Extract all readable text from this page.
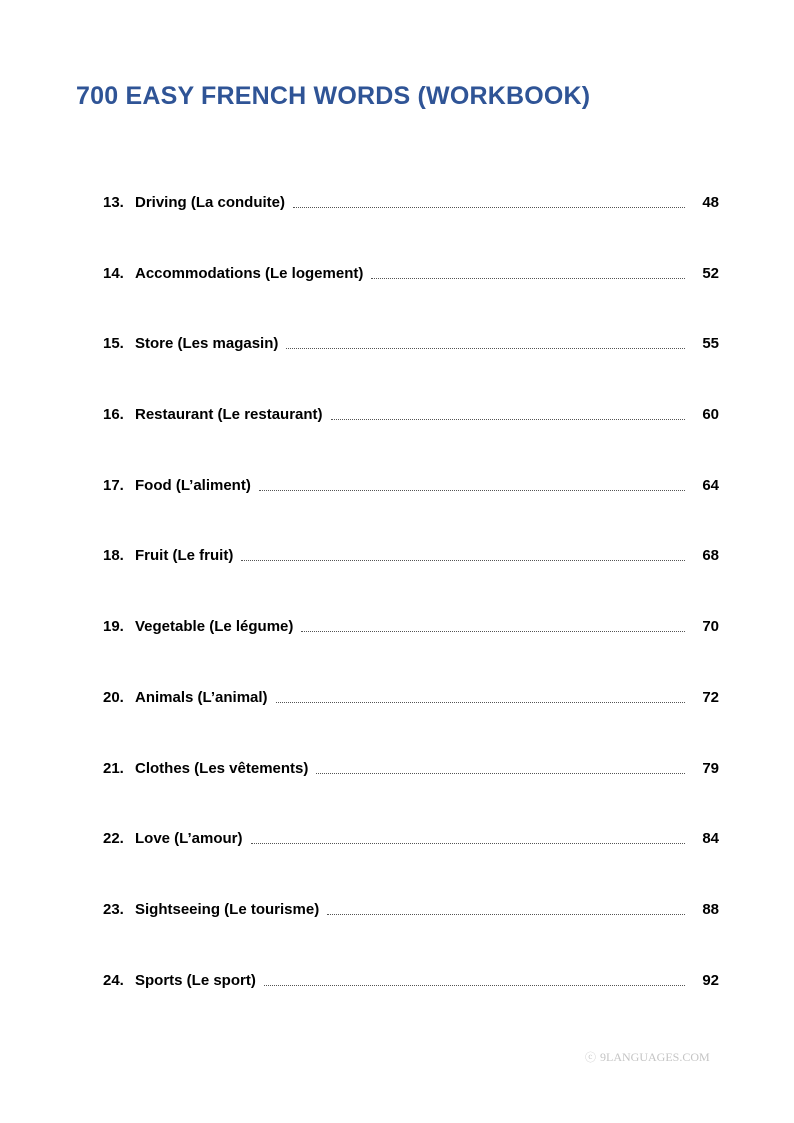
700 EASY FRENCH WORDS (WORKBOOK)
13. Driving (La conduite)	48
14. Accommodations (Le logement)	52
15. Store (Les magasin)	55
16. Restaurant (Le restaurant)	60
17. Food (L’aliment)	64
18. Fruit (Le fruit)	68
19. Vegetable (Le légume)	70
20. Animals (L’animal)	72
21. Clothes (Les vêtements)	79
22. Love (L’amour)	84
23. Sightseeing (Le tourisme)	88
24. Sports (Le sport)	92
ⓒ 9LANGUAGES.COM
